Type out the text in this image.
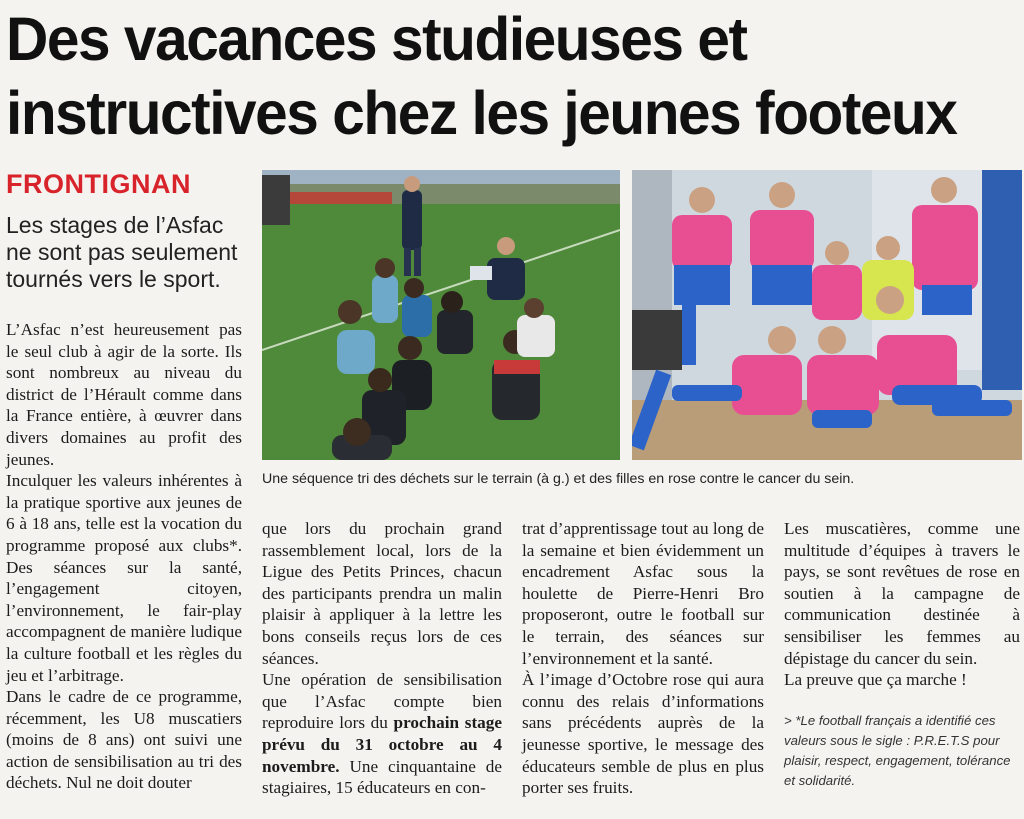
Des vacances studieuses et
instructives chez les jeunes footeux
FRONTIGNAN
Les stages de l’Asfac ne sont pas seulement tournés vers le sport.

L’Asfac n’est heureusement pas le seul club à agir de la sorte. Ils sont nombreux au niveau du district de l’Hérault comme dans la France entière, à œuvrer dans divers domaines au profit des jeunes.

Inculquer les valeurs inhérentes à la pratique sportive aux jeunes de 6 à 18 ans, telle est la vocation du programme proposé aux clubs*. Des séances sur la santé, l’engagement citoyen, l’environnement, le fair-play accompagnent de manière ludique la culture football et les règles du jeu et l’arbitrage.

Dans le cadre de ce programme, récemment, les U8 muscatiers (moins de 8 ans) ont suivi une action de sensibilisation au tri des déchets. Nul ne doit douter

Une séquence tri des déchets sur le terrain (à g.) et des filles en rose contre le cancer du sein.

que lors du prochain grand rassemblement local, lors de la Ligue des Petits Princes, chacun des participants prendra un malin plaisir à appliquer à la lettre les bons conseils reçus lors de ces séances.

Une opération de sensibilisation que l’Asfac compte bien reproduire lors du prochain stage prévu du 31 octobre au 4 novembre. Une cinquantaine de stagiaires, 15 éducateurs en con-

trat d’apprentissage tout au long de la semaine et bien évidemment un encadrement Asfac sous la houlette de Pierre-Henri Bro proposeront, outre le football sur le terrain, des séances sur l’environnement et la santé.

À l’image d’Octobre rose qui aura connu des relais d’informations sans précédents auprès de la jeunesse sportive, le message des éducateurs semble de plus en plus porter ses fruits.

Les muscatières, comme une multitude d’équipes à travers le pays, se sont revêtues de rose en soutien à la campagne de communication destinée à sensibiliser les femmes au dépistage du cancer du sein.

La preuve que ça marche !

> *Le football français a identifié ces valeurs sous le sigle : P.R.E.T.S pour plaisir, respect, engagement, tolérance et solidarité.
